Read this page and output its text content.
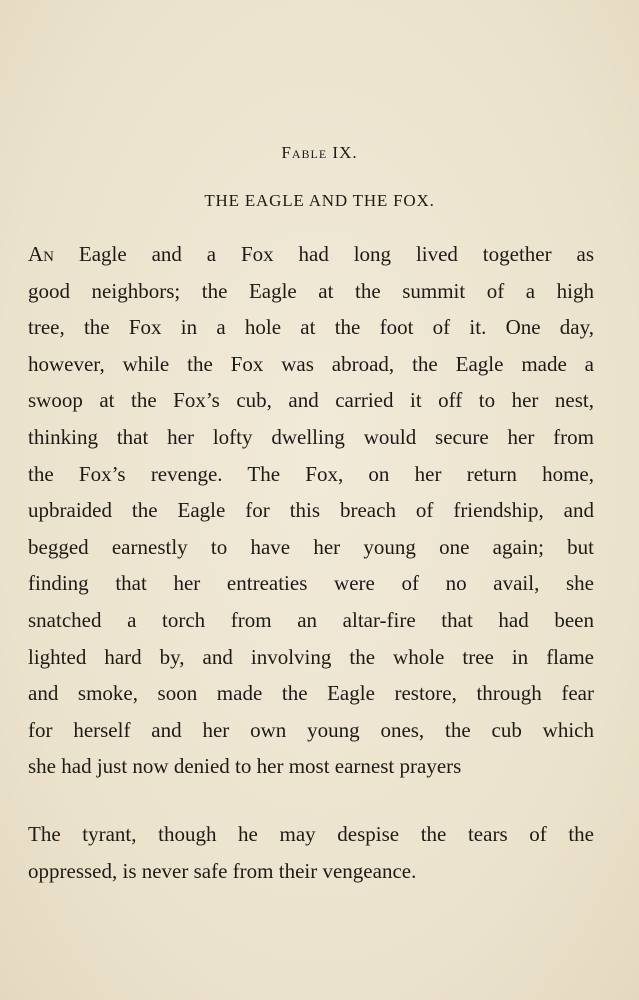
Fable IX.
THE EAGLE AND THE FOX.
An Eagle and a Fox had long lived together as
good neighbors; the Eagle at the summit of a high
tree, the Fox in a hole at the foot of it. One day,
however, while the Fox was abroad, the Eagle made a
swoop at the Fox’s cub, and carried it off to her nest,
thinking that her lofty dwelling would secure her from
the Fox’s revenge. The Fox, on her return home,
upbraided the Eagle for this breach of friendship, and
begged earnestly to have her young one again; but
finding that her entreaties were of no avail, she
snatched a torch from an altar-fire that had been
lighted hard by, and involving the whole tree in flame
and smoke, soon made the Eagle restore, through fear
for herself and her own young ones, the cub which
she had just now denied to her most earnest prayers
The tyrant, though he may despise the tears of the
oppressed, is never safe from their vengeance.
